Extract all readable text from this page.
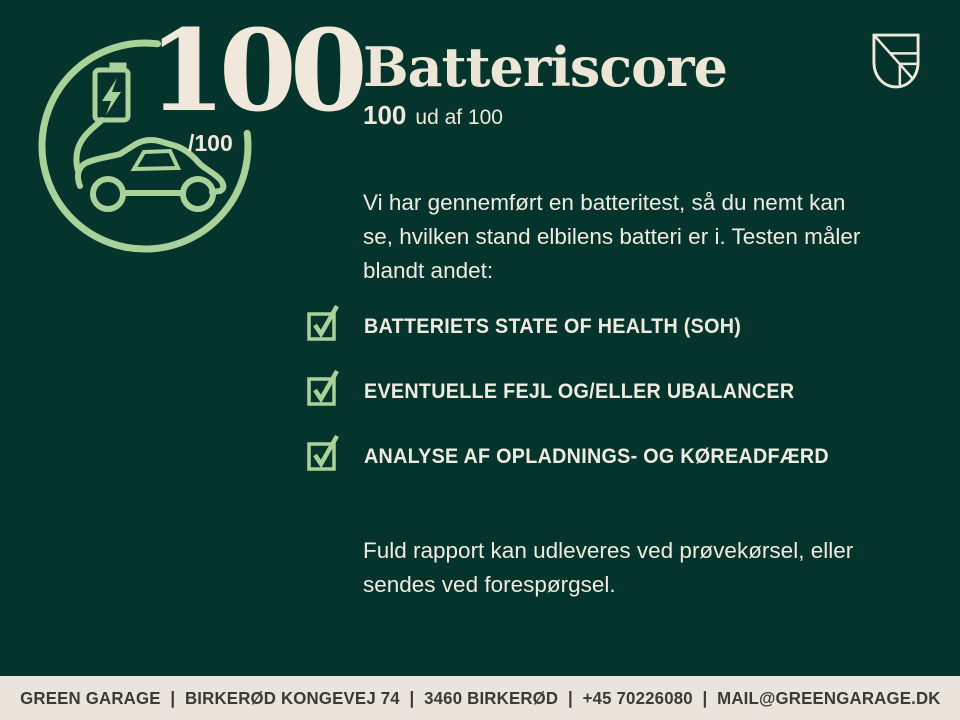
100
/100
Batteriscore
100 ud af 100

Vi har gennemført en batteritest, så du nemt kan se, hvilken stand elbilens batteri er i. Testen måler blandt andet:

BATTERIETS STATE OF HEALTH (SOH)
EVENTUELLE FEJL OG/ELLER UBALANCER
ANALYSE AF OPLADNINGS- OG KØREADFÆRD

Fuld rapport kan udleveres ved prøvekørsel, eller sendes ved forespørgsel.

GREEN GARAGE  |  BIRKERØD KONGEVEJ 74  |  3460 BIRKERØD  |  +45 70226080  |  MAIL@GREENGARAGE.DK
